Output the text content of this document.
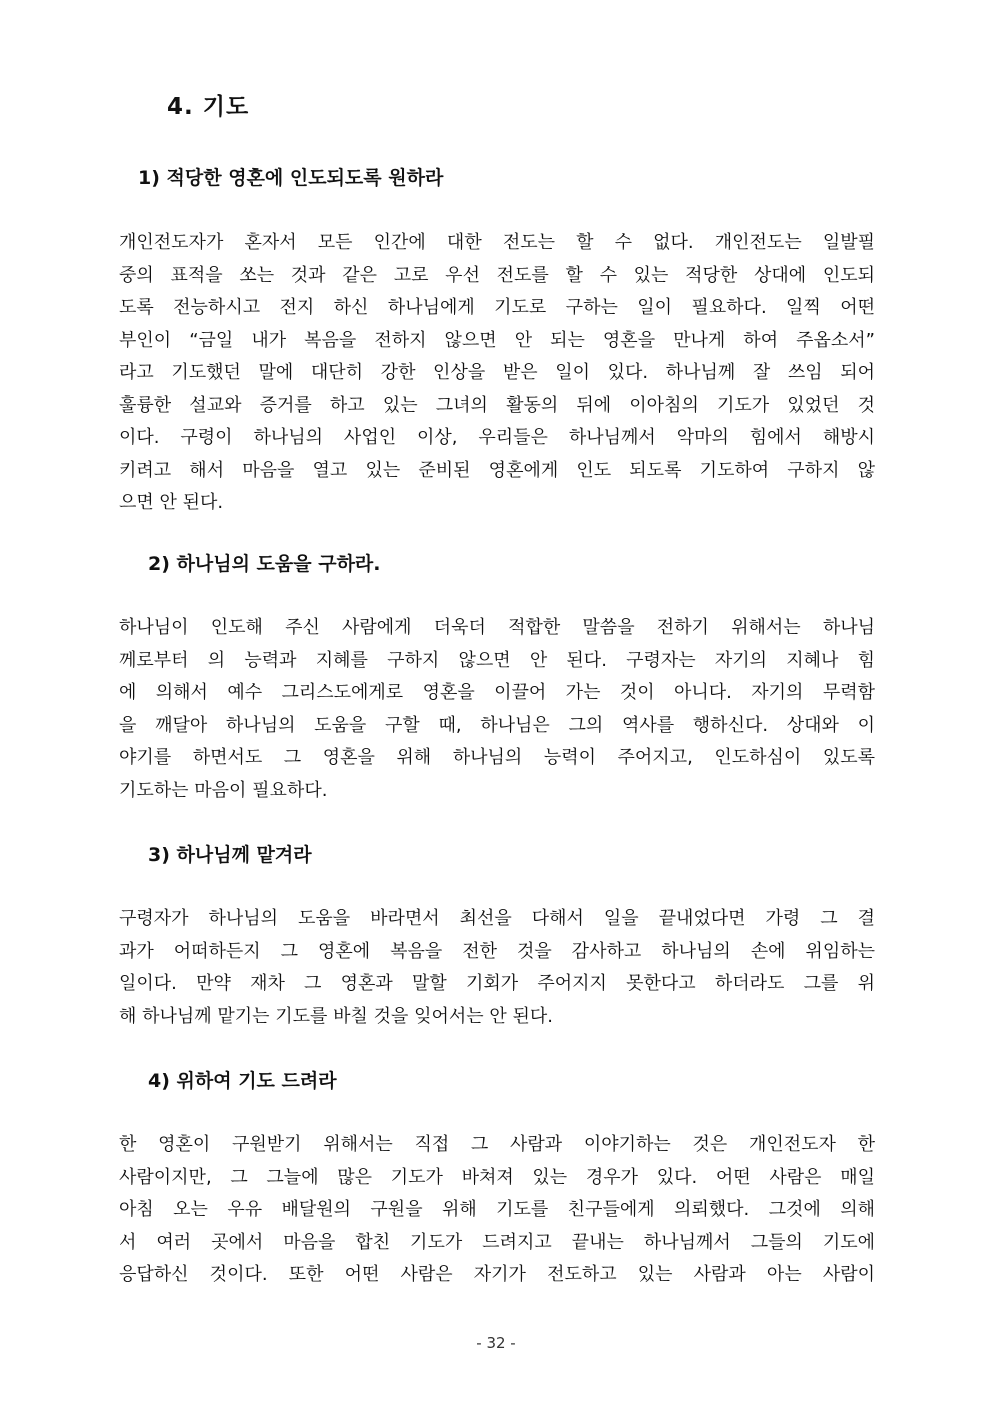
4. 기도
1) 적당한 영혼에 인도되도록 원하라
개인전도자가 혼자서 모든 인간에 대한 전도는 할 수 없다. 개인전도는 일발필
중의 표적을 쏘는 것과 같은 고로 우선 전도를 할 수 있는 적당한 상대에 인도되
도록 전능하시고 전지 하신 하나님에게 기도로 구하는 일이 필요하다. 일찍 어떤
부인이 “금일 내가 복음을 전하지 않으면 안 되는 영혼을 만나게 하여 주옵소서”
라고 기도했던 말에 대단히 강한 인상을 받은 일이 있다. 하나님께 잘 쓰임 되어
훌륭한 설교와 증거를 하고 있는 그녀의 활동의 뒤에 이아침의 기도가 있었던 것
이다. 구령이 하나님의 사업인 이상, 우리들은 하나님께서 악마의 힘에서 해방시
키려고 해서 마음을 열고 있는 준비된 영혼에게 인도 되도록 기도하여 구하지 않
으면 안 된다.
2) 하나님의 도움을 구하라.
하나님이 인도해 주신 사람에게 더욱더 적합한 말씀을 전하기 위해서는 하나님
께로부터 의 능력과 지혜를 구하지 않으면 안 된다. 구령자는 자기의 지혜나 힘
에 의해서 예수 그리스도에게로 영혼을 이끌어 가는 것이 아니다. 자기의 무력함
을 깨달아 하나님의 도움을 구할 때, 하나님은 그의 역사를 행하신다. 상대와 이
야기를 하면서도 그 영혼을 위해 하나님의 능력이 주어지고, 인도하심이 있도록
기도하는 마음이 필요하다.
3) 하나님께 맡겨라
구령자가 하나님의 도움을 바라면서 최선을 다해서 일을 끝내었다면 가령 그 결
과가 어떠하든지 그 영혼에 복음을 전한 것을 감사하고 하나님의 손에 위임하는
일이다. 만약 재차 그 영혼과 말할 기회가 주어지지 못한다고 하더라도 그를 위
해 하나님께 맡기는 기도를 바칠 것을 잊어서는 안 된다.
4) 위하여 기도 드려라
한 영혼이 구원받기 위해서는 직접 그 사람과 이야기하는 것은 개인전도자 한
사람이지만, 그 그늘에 많은 기도가 바쳐져 있는 경우가 있다. 어떤 사람은 매일
아침 오는 우유 배달원의 구원을 위해 기도를 친구들에게 의뢰했다. 그것에 의해
서 여러 곳에서 마음을 합친 기도가 드려지고 끝내는 하나님께서 그들의 기도에
응답하신 것이다. 또한 어떤 사람은 자기가 전도하고 있는 사람과 아는 사람이

- 32 -
